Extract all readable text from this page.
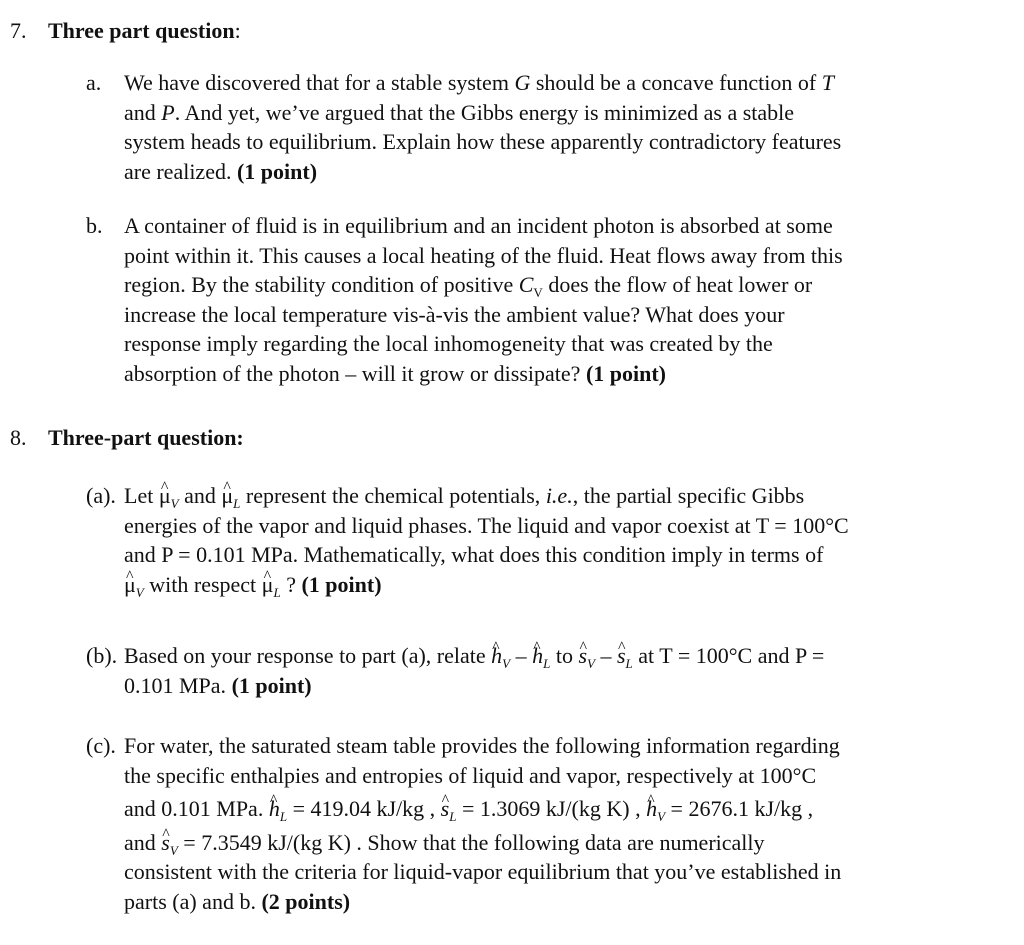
7. Three part question:
a. We have discovered that for a stable system G should be a concave function of T
and P. And yet, we’ve argued that the Gibbs energy is minimized as a stable
system heads to equilibrium. Explain how these apparently contradictory features
are realized. (1 point)
b. A container of fluid is in equilibrium and an incident photon is absorbed at some
point within it. This causes a local heating of the fluid. Heat flows away from this
region. By the stability condition of positive $C_V$ does the flow of heat lower or
increase the local temperature vis-à-vis the ambient value? What does your
response imply regarding the local inhomogeneity that was created by the
absorption of the photon – will it grow or dissipate? (1 point)
8. Three-part question:
(a). Let ^ $\mu_V$ and ^ $\mu_L$ represent the chemical potentials, i.e., the partial specific Gibbs
energies of the vapor and liquid phases. The liquid and vapor coexist at T = 100°C
and P = 0.101 MPa. Mathematically, what does this condition imply in terms of
^ $\mu_V$ with respect ^ $\mu_L$ ? (1 point)
(b). Based on your response to part (a), relate ^ $h_V$ – ^ $h_L$ to ^ $s_V$ – ^ $s_L$ at T = 100°C and P =
0.101 MPa. (1 point)
(c). For water, the saturated steam table provides the following information regarding
the specific enthalpies and entropies of liquid and vapor, respectively at 100°C
and 0.101 MPa. ^ $h_L = 419.04$ kJ/kg , ^ $s_L = 1.3069$ kJ/(kg K) , ^ $h_V = 2676.1$ kJ/kg ,
and ^ $s_V = 7.3549$ kJ/(kg K) . Show that the following data are numerically
consistent with the criteria for liquid-vapor equilibrium that you’ve established in
parts (a) and b. (2 points)
